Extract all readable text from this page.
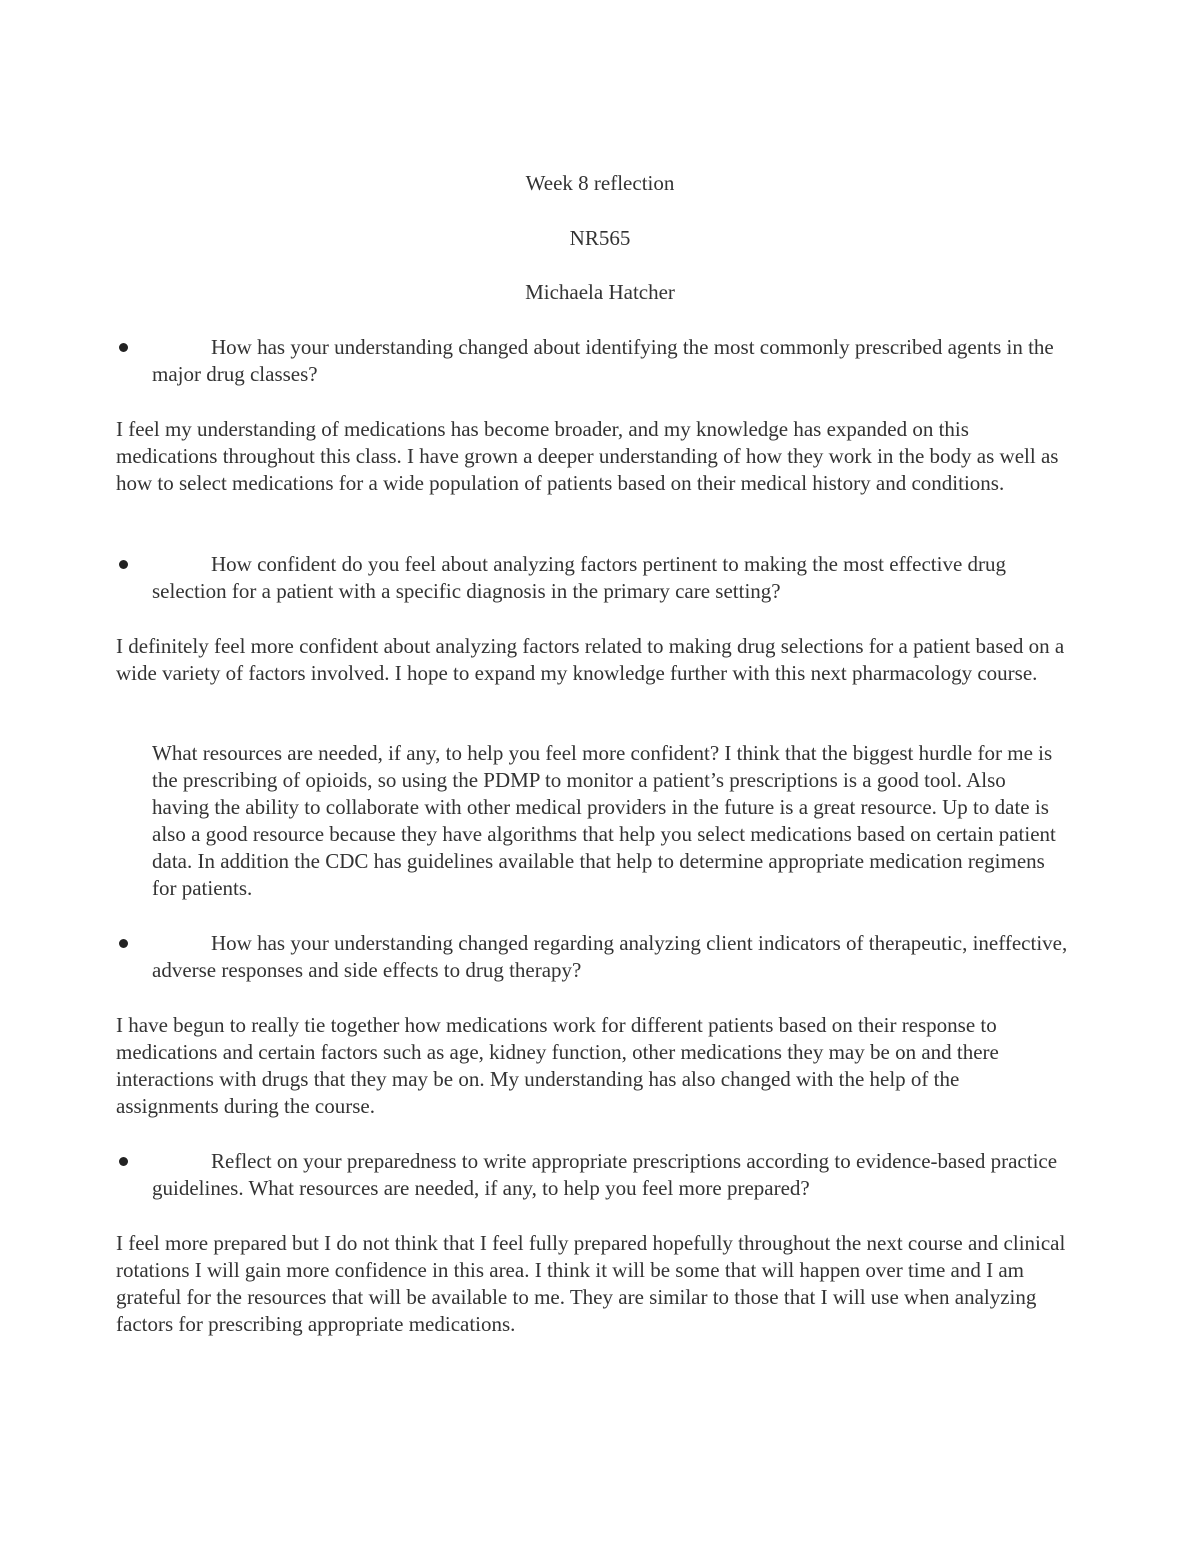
Week 8 reflection

NR565

Michaela Hatcher

How has your understanding changed about identifying the most commonly prescribed agents in the major drug classes?

I feel my understanding of medications has become broader, and my knowledge has expanded on this medications throughout this class. I have grown a deeper understanding of how they work in the body as well as how to select medications for a wide population of patients based on their medical history and conditions.

How confident do you feel about analyzing factors pertinent to making the most effective drug selection for a patient with a specific diagnosis in the primary care setting?

I definitely feel more confident about analyzing factors related to making drug selections for a patient based on a wide variety of factors involved. I hope to expand my knowledge further with this next pharmacology course.

What resources are needed, if any, to help you feel more confident? I think that the biggest hurdle for me is the prescribing of opioids, so using the PDMP to monitor a patient’s prescriptions is a good tool. Also having the ability to collaborate with other medical providers in the future is a great resource. Up to date is also a good resource because they have algorithms that help you select medications based on certain patient data. In addition the CDC has guidelines available that help to determine appropriate medication regimens for patients.

How has your understanding changed regarding analyzing client indicators of therapeutic, ineffective, adverse responses and side effects to drug therapy?

I have begun to really tie together how medications work for different patients based on their response to medications and certain factors such as age, kidney function, other medications they may be on and there interactions with drugs that they may be on. My understanding has also changed with the help of the assignments during the course.

Reflect on your preparedness to write appropriate prescriptions according to evidence-based practice guidelines. What resources are needed, if any, to help you feel more prepared?

I feel more prepared but I do not think that I feel fully prepared hopefully throughout the next course and clinical rotations I will gain more confidence in this area. I think it will be some that will happen over time and I am grateful for the resources that will be available to me. They are similar to those that I will use when analyzing factors for prescribing appropriate medications.
